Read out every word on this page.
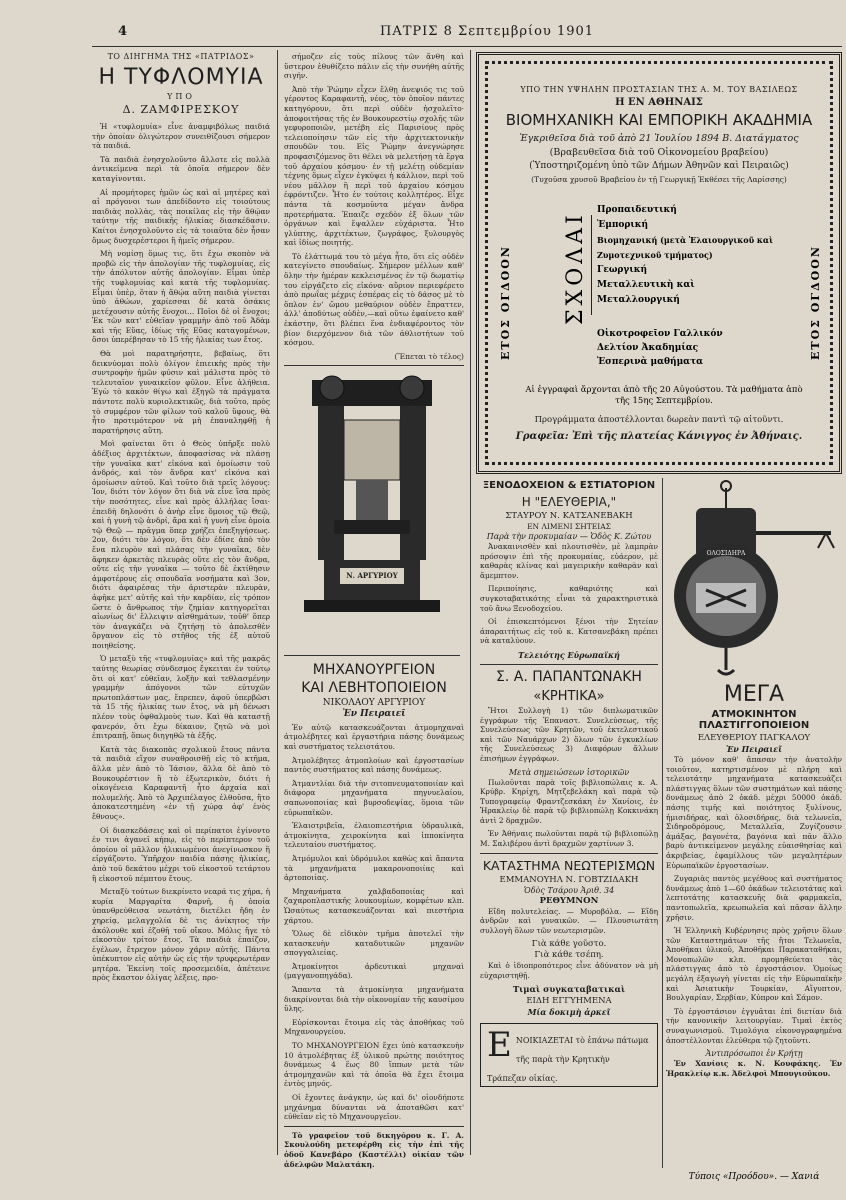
4	ΠΑΤΡΙΣ 8 Σεπτεμβρίου 1901
ΤΟ ΔΙΗΓΗΜΑ ΤΗΣ «ΠΑΤΡΙΔΟΣ»
Η ΤΥΦΛΟΜΥΙΑ
ΥΠΟ
Δ. ΖΑΜΦΙΡΕΣΚΟΥ

Ἡ «τυφλομυία» εἶνε ἀναμφιβόλως παιδιά τὴν ὁποίαν ὀλιγώτερον συνειθίζουσι σήμερον τὰ παιδιά.

Τὰ παιδιὰ ἐνησχολοῦντο ἄλλοτε εἰς πολλὰ ἀντικείμενα περὶ τὰ ὁποῖα σήμερον δὲν καταγίνονται.

Αἱ προμήτορες ἡμῶν ὡς καὶ αἱ μητέρες καὶ αἱ πρόγονοι των ἀπεδίδοντο εἰς τοιούτους παιδιὰς πολλὰς, τὰς ποικίλας εἰς τὴν ἄθῴαν ταύτην τῆς παιδικῆς ἡλικίας διασκέδασιν. Καίτοι ἐνησχολοῦντο εἰς τὰ τοιαῦτα δὲν ἦσαν ὅμως δυσχερέστεροι ἢ ἡμεῖς σήμερον.

Μὴ νομίσῃ ὅμως τις, ὅτι ἔχω σκοπὸν νὰ προβῶ εἰς τὴν ἀπολογίαν τῆς τυφλομυίας, εἰς τὴν ἀπόλυτον αὐτῆς ἀπολογίαν. Εἶμαι ὑπὲρ τῆς τυφλομυίας καὶ κατὰ τῆς τυφλομυίας. Εἶμαι ὑπὲρ, ὅταν ἡ ἄθῴα αὕτη παιδιὰ γίνεται ὑπὸ ἀθώων, χαρίεσσαι δὲ κατὰ ὁσάκις μετέχουσιν αὐτῆς ἔνοχοι... Ποῖοι δὲ οἱ ἔνοχοι; Ἐκ τῶν κατ' εὐθεῖαν γραμμὴν ἀπὸ τοῦ Ἀδὰμ καὶ τῆς Εὔας, ἰδίως τῆς Εὔας καταγομένων, ὅσοι ὑπερέβησαν τὸ 15 τῆς ἡλικίας των ἔτος.

Θὰ μοὶ παρατηρήσητε, βεβαίως, ὅτι δεικνύομαι πολὺ ὀλίγον ἐπιεικὴς πρὸς τὴν συντροφὴν ἡμῶν φύσιν καὶ μάλιστα πρὸς τὸ τελευταῖον γυναικεῖον φῦλον. Εἶνε ἀλήθεια. Ἐγὼ τὸ κακὸν θίγω καὶ ἐξηγῶ τὰ πράγματα πάντοτε πολὺ κυριολεκτικῶς, διὰ τοῦτο, πρὸς τὸ συμφέρον τῶν φίλων τοῦ καλοῦ ὕφους, θὰ ἦτο προτιμότερον νὰ μὴ ἐπαναληφθῇ ἡ παρατήρησις αὕτη.

Μοὶ φαίνεται ὅτι ὁ Θεὸς ὑπῆρξε πολὺ ἀδέξιος ἀρχιτέκτων, ἀποφασίσας νὰ πλάσῃ τὴν γυναῖκα κατ' εἰκόνα καὶ ὁμοίωσιν τοῦ ἀνδρός, καὶ τὸν ἄνδρα κατ' εἰκόνα καὶ ὁμοίωσιν αὐτοῦ. Καὶ τοῦτο διὰ τρεῖς λόγους: Ἰον, διότι τὸν λόγον ὅτι διὰ νὰ εἶνε ἴσα πρὸς τὴν ποσότητες, εἶνε καὶ πρὸς ἀλλήλας ἴσαι· ἐπειδὴ δηλονότι ὁ ἀνὴρ εἶνε ὅμοιος τῷ Θεῷ, καὶ ἡ γυνὴ τῷ ἀνδρί, ἄρα καὶ ἡ γυνὴ εἶνε ὁμοία τῷ Θεῷ — πρᾶγμα ὅπερ χρήζει ἑπεξηγήσεως. 2ον, διότι τὸν λόγον, ὅτι δὲν ἐδίσε ἀπὸ τὸν ἕνα πλευρὸν καὶ πλάσας τὴν γυναῖκα, δὲν ἄφηκεν ἀρκετὰς πλευρὰς οὔτε εἰς τὸν ἄνδρα, οὔτε εἰς τὴν γυναῖκα — τοῦτο δὲ ἐκτίθησιν ἀμφοτέρους εἰς σπουδαῖα νοσήματα καὶ 3ον, διότι ἀφαιρέσας τὴν ἀριστερὰν πλευρὰν, ἀφῆκε μετ' αὐτῆς καὶ τὴν καρδίαν, εἰς τρόπον ὥστε ὁ ἄνθρωπος τὴν ζημίαν κατηγορεῖται αἰωνίως δι' ἔλλειψιν αἰσθημάτων, τοῦθ' ὅπερ τὸν ἀναγκάζει νὰ ζητήσῃ τὸ ἀπολεσθὲν ὄργανον εἰς τὸ στῆθος τῆς ἐξ αὐτοῦ ποιηθείσης.

Ὁ μεταξὺ τῆς «τυφλομυίας» καὶ τῆς μακρᾶς ταύτης θεωρίας σύνδεσμος ἔγκειται ἐν τούτῳ ὅτι οἱ κατ' εὐθεῖαν, λοξὴν καὶ τεθλασμένην γραμμὴν ἀπόγονοι τῶν εὐτυχῶν πρωτοπλάστων μας, ἔπρεπεν, ἀφοῦ ὑπερβῶσι τὰ 15 τῆς ἡλικίας των ἔτος, νὰ μὴ δένωσι πλέον τοὺς ὀφθαλμοὺς των. Καὶ θὰ καταστῇ φανερόν, ὅτι ἔχω δίκαιον, ζητῶ νὰ μοὶ ἐπιτραπῇ, ὅπως διηγηθῶ τὰ ἑξῆς.

Κατὰ τὰς διακοπὰς σχολικοῦ ἔτους πάντα τὰ παιδιὰ εἴχον συναθροισθῇ εἰς τὸ κτῆμα, ἄλλα μὲν ἀπὸ τὸ Ἰάσιον, ἄλλα δὲ ἀπὸ τὸ Βουκουρέστιον ἢ τὸ ἐξωτερικὸν, διότι ἡ οἰκογένεια Καραφαντῆ ἦτο ἀρχαία καὶ πολυμελής. Ἀπὸ τὸ Ἀρχιπέλαγος ἐλθοῦσα, ἤτο ἀποκατεστημένη «ἐν τῇ χώρᾳ ἀφ' ἑνὸς ἔθνους».

Οἱ διασκεδάσεις καὶ οἱ περίπατοι ἐγίνοντο ἐν τινι ἀγανεῖ κήπῳ, εἰς τὸ περίπτερον τοῦ ὁποίου οἱ μᾶλλον ἡλικιωμένοι ἀνεγίνωσκον ἢ εἰργάζοντο. Ὑπῆρχον παιδία πάσης ἡλικίας, ἀπὸ τοῦ δεκάτου μέχρι τοῦ εἰκοστοῦ τετάρτου ἢ εἰκοστοῦ πέμπτου ἔτους.

Μεταξὺ τούτων διεκρίνετο νεαρά τις χήρα, ἡ κυρία Μαργαρίτα Φαρνῆ, ἡ ὁποία ὑπανθρεύθεισα νεωτάτη, διετέλει ἤδη ἐν χηρείᾳ, μελαγχολία δὲ τις ἀνίκητος τὴν ἀκόλουθε καὶ ἐζοθῆ τοῦ οἴκου. Μόλις ἤγε τὸ εἰκοστὸν τρίτον ἔτος. Τὰ παιδιὰ ἐπαίζον, ἐγέλων, ἔτρεχον μόνον χάριν αὐτῆς. Πάντα ὑπέκυπτον εἰς αὐτὴν ὡς εἰς τὴν τρυφερωτέραν μητέρα. Ἐκείνη τοῖς προσεμειδία, ἀπέτεινε πρὸς ἕκαστον ὀλίγας λέξεις, προ-

σήμοζεν εἰς τοὺς πίλους τῶν ἄνθη καὶ ὕστερον ἐθυθίζετο πάλιν εἰς τὴν συνήθη αὐτῆς σιγήν.

Ἀπὸ τὴν Ῥώμην εἶχεν ἔλθῃ ἀνεψιός τις τοῦ γέροντος Καραφαντῆ, νέος, τὸν ὁποῖον πάντες κατηγόρουν, ὅτι περὶ οὐδὲν ἠσχολεῖτο· ἀποφοιτήσας τῆς ἐν Βουκουρεστίῳ σχολῆς τῶν γεφυροποιῶν, μετέβη εἰς Παρισίους πρὸς τελειοποίησιν τῶν εἰς τὴν ἀρχιτεκτονικὴν σπουδῶν του. Εἰς Ῥώμην ἀνεγνώρησε προφασιζόμενος ὅτι θέλει νὰ μελετήσῃ τὰ ἔργα τοῦ ἀρχαίου κόσμου· ἐν τῇ μελέτῃ οὐδεμίαν τέχνης ὅμως εἶχεν ἐγκύψει ἡ κάλλιον, περὶ τοῦ νέου μᾶλλον ἢ περὶ τοῦ ἀρχαίου κόσμου ἐφρόντιζεν. Ἦτο ἐν τούτοις κολλητέρος. Εἶχε πάντα τὰ κοσμοῦντα μέγαν ἄνδρα προτερήματα. Ἐπαιζε σχεδὸν ἐξ ὅλων τῶν ὀργάνων καὶ ἔψαλλεν εὐχάριστα. Ἦτο γλύπτης, ἀρχιτέκτων, ζωγράφος, ξυλουργὸς καὶ ἰδίως ποιητής.

Τὸ ἐλάττωμά του τὸ μέγα ἦτο, ὅτι εἰς οὐδὲν κατεγίνετο σπουδαίως. Σήμερον μέλλων καθ' ὅλην τὴν ἡμέραν κεκλεισμένος ἐν τῷ δωματίῳ του εἰργάζετο εἰς εἰκόνα· αὔριον περιεφέρετο ἀπὸ πρωΐας μέχρις ἑσπέρας εἰς τὸ δάσος μὲ τὸ ὅπλον ἐν' ὤμου μεθαύριον οὐδὲν ἔπραττεν, ἀλλ' ἀποδύτως οὐδὲν,—καὶ οὕτω ἐφαίνετο καθ' ἑκάστην, ὅτι βλέπει ἕνα ἐνδιαφέροντος τὸν βίον διερχόμενον διὰ τῶν ἀθλιοτήτων τοῦ κόσμου.

(Ἕπεται τὸ τέλος)
Ν. ΑΡΓΥΡΙΟΥ
ΜΗΧΑΝΟΥΡΓΕΙΟΝ
ΚΑΙ ΛΕΒΗΤΟΠΟΙΕΙΟΝ
ΝΙΚΟΛΑΟΥ ΑΡΓΥΡΙΟΥ
Ἐν Πειραιεῖ

Ἐν αὐτῷ κατασκευάζονται ἀτμομηχαναὶ ἀτμολέβητες καὶ ἐργαστήρια πάσης δυνάμεως καὶ συστήματος τελειοτάτου.

Ἀτμολέβητες ἀτμοπλοίων καὶ ἐργοστασίων παντὸς συστήματος καὶ πάσης δυνάμεως.

Ἀτμαντλίαι διὰ τὴν σιτοπνευματοποιίαν καὶ διάφορα μηχανήματα πηγνυελαίου, σαπωνοποιίας καὶ βυρσοδεψίας, ὅμοια τῶν εὐρωπαϊκῶν.

Ἐλαιοτριβεῖα, ἐλαιοπιεστήρια ὑδραυλικὰ, ἀτμοκίνητα, χειροκίνητα καὶ ἱπποκίνητα τελευταίου συστήματος.

Ἀτμόμυλοι καὶ ὑδρόμυλοι καθὼς καὶ ἅπαντα τὰ μηχανήματα μακαρονοποιίας καὶ ἀρτοποιίας.

Μηχανήματα χαλβαδοποιίας καὶ ζαχαροπλαστικῆς λουκουμίων, κομφέτων κλπ. Ὡσαύτως κατασκευάζονται καὶ πιεστήρια χάρτου.

Ὅλως δὲ εἰδικὸν τμῆμα ἀποτελεῖ τὴν κατασκευὴν καταδυτικῶν μηχανῶν σπογγαλιείας.

Ἀτμοκίνητοι ἀρδευτικαὶ μηχαναὶ (μαγγανοπηγάδα).

Ἅπαντα τὰ ἀτμοκίνητα μηχανήματα διακρίνονται διὰ τὴν οἰκονομίαν τῆς καυσίμου ὕλης.

Εὑρίσκονται ἕτοιμα εἰς τὰς ἀποθήκας τοῦ Μηχανουργείου.

ΤΟ ΜΗΧΑΝΟΥΡΓΕΙΟΝ ἔχει ὑπὸ κατασκευὴν 10 ἀτμολέβητας ἐξ ὑλικοῦ πρώτης ποιότητος δυνάμεως 4 ἕως 80 ἵππων μετὰ τῶν ἀτμομηχανῶν καὶ τὰ ὁποῖα θὰ ἔχει ἕτοιμα ἐντὸς μηνός.

Οἱ ἔχοντες ἀνάγκην, ὡς καὶ δι' οἱονδήποτε μηχάνημα δύνανται νὰ ἀποταθῶσι κατ' εὐθεῖαν εἰς τὸ Μηχανουργεῖον.

Τὸ γραφεῖον τοῦ δικηγόρου κ. Γ. Α. Σκουλούδη μετεφέρθη εἰς τὴν ἐπὶ τῆς ὁδοῦ Κανεβάρο (Καστέλλι) οἰκίαν τῶν ἀδελφῶν Μαλατάκη.

ΥΠΟ ΤΗΝ ΥΨΗΛΗΝ ΠΡΟΣΤΑΣΙΑΝ ΤΗΣ Α. Μ. ΤΟΥ ΒΑΣΙΛΕΩΣ
Η ΕΝ ΑΘΗΝΑΙΣ
ΒΙΟΜΗΧΑΝΙΚΗ ΚΑΙ ΕΜΠΟΡΙΚΗ ΑΚΑΔΗΜΙΑ
Ἐγκριθεῖσα διὰ τοῦ ἀπὸ 21 Ἰουλίου 1894 Β. Διατάγματος
(Βραβευθεῖσα διὰ τοῦ Οἰκονομείου βραβείου)
(Ὑποστηριζομένη ὑπὸ τῶν Δήμων Ἀθηνῶν καὶ Πειραιῶς)
(Τυχοῦσα χρυσοῦ Βραβείου ἐν τῇ Γεωργικῇ Ἐκθέσει τῆς Λαρίσσης)
ΕΤΟΣ ΟΓΔΟΟΝ	ΕΤΟΣ ΟΓΔΟΟΝ
ΣΧΟΛΑΙ
Προπαιδευτική
Ἐμπορική
Βιομηχανική (μετὰ Ἐλαιουργικοῦ καὶ Ζυμοτεχνικοῦ τμήματος)
Γεωργική
Μεταλλευτικὴ καὶ
Μεταλλουργική
Οἰκοτροφεῖον Γαλλικόν
Δελτίον Ἀκαδημίας
Ἑσπερινὰ μαθήματα
Αἱ ἐγγραφαὶ ἄρχονται ἀπὸ τῆς 20 Αὐγούστου. Τὰ μαθήματα ἀπὸ τῆς 15ης Σεπτεμβρίου.
Προγράμματα ἀποστέλλονται δωρεὰν παντὶ τῷ αἰτοῦντι.
Γραφεῖα: Ἐπὶ τῆς πλατείας Κάνιγγος ἐν Ἀθήναις.
ΞΕΝΟΔΟΧΕΙΟΝ & ΕΣΤΙΑΤΟΡΙΟΝ
Η "ΕΛΕΥΘΕΡΙΑ,"
ΣΤΑΥΡΟΥ Ν. ΚΑΤΣΑΝΕΒΑΚΗ
ΕΝ ΛΙΜΕΝΙ ΣΗΤΕΙΑΣ
Παρὰ τὴν προκυμαίαν — Ὁδὸς Κ. Ζώτου

Ἀνακαινισθὲν καὶ πλουτισθὲν, μὲ λαμπρὰν πρόσοψιν ἐπὶ τῆς προκυμαίας, εὐάερον, μὲ καθαρὰς κλίνας καὶ μαγειρικὴν καθαρὰν καὶ ἄμεμπτον.

Περιποίησις, καθαριότης καὶ συγκοταβατικότης εἶναι τὰ χαρακτηριστικὰ τοῦ ἄνω Ξενοδοχείου.

Οἱ ἐπισκεπτόμενοι ξένοι τὴν Σητείαν ἀπαραιτήτως εἰς τοῦ κ. Κατσανεβάκη πρέπει νὰ καταλύουν.

Τελειότης Εὐρωπαϊκή
Σ. Α. ΠΑΠΑΝΤΩΝΑΚΗ
«ΚΡΗΤΙΚΑ»

Ἤτοι Συλλογὴ 1) τῶν διπλωματικῶν ἐγγράφων τῆς Ἐπαναστ. Συνελεύσεως, τῆς Συνελεύσεως τῶν Κρητῶν, τοῦ ἐκτελεστικοῦ καὶ τῶν Ναυάρχων 2) ὅλων τῶν ἐγκυκλίων τῆς Συνελεύσεως 3) Διαφόρων ἄλλων ἐπισήμων ἐγγράφων.

Μετὰ σημειώσεων ἱστορικῶν

Πωλοῦνται παρὰ τοῖς βιβλιοπώλαις κ. Α. Κρύβρ. Κηρίχη, Μητζεβελάκη καὶ παρὰ τῷ Τυπογραφείῳ Φραντζεσκάκη ἐν Χανίοις, ἐν Ἡρακλείῳ δὲ παρὰ τῷ βιβλιοπώλῃ Κοκκινάκη ἀντὶ 2 δραχμῶν.

Ἐν Ἀθήναις πωλοῦνται παρὰ τῷ βιβλιοπώλῃ Μ. Σαλιβέρου ἀντὶ δραχμῶν χαρτίνων 3.

ΚΑΤΑΣΤΗΜΑ ΝΕΩΤΕΡΙΣΜΩΝ
ΕΜΜΑΝΟΥΗΛ Ν. ΓΟΒΤΖΙΔΑΚΗ
Ὁδὸς Τσάρου Ἀριθ. 34
ΡΕΘΥΜΝΟΝ

Εἴδη πολυτελείας. — Μυροβόλα. — Εἴδη ἀνδρῶν καὶ γυναικῶν. — Πλουσιωτάτη συλλογὴ ὅλων τῶν νεωτερισμῶν.

Γιὰ κάθε γοῦστο.
Γιὰ κάθε τσέπη.

Καὶ ὁ ἰδιοπροπότερος εἶνε ἀδύνατον νὰ μὴ εὐχαριστηθῇ.

Τιμαὶ συγκαταβατικαὶ
ΕΙΔΗ ΕΓΓΥΗΜΕΝΑ
Μία δοκιμὴ ἀρκεῖ
Ε ΝΟΙΚΙΑΖΕΤΑΙ τὸ ἐπάνω πάτωμα τῆς παρὰ τὴν Κρητικὴν Τράπεζαν οἰκίας.
ΟΛΟΣΙΔΗΡΑ
ΜΕΓΑ
ΑΤΜΟΚΙΝΗΤΟΝ ΠΛΑΣΤΙΓΓΟΠΟΙΕΙΟΝ
ΕΛΕΥΘΕΡΙΟΥ ΠΑΓΚΑΛΟΥ
Ἐν Πειραιεῖ

Τὸ μόνον καθ' ἅπασαν τὴν ἀνατολὴν τοιοῦτον, κατηρτισμένον μὲ πλήρη καὶ τελειοτάτην μηχανήματα κατασκευάζει πλάστιγγας ὅλων τῶν συστημάτων καὶ πάσης δυνάμεως ἀπὸ 2 ὀκάδ. μέχρι 50000 ὀκάδ. πάσης τιμῆς καὶ ποιότητος ξυλίνους, ἠμισιδήρας, καὶ ὁλοσιδήρας, διὰ τελωνεῖα, Σιδηροδρόμους, Μεταλλεῖα, Ζυγίζουσιν ἀμάξας, βαγονέτα, βαγόνια καὶ πᾶν ἄλλο βαρὺ ἀντικείμενον μεγάλης εὐαισθησίας καὶ ἀκριβείας, ἐφαμίλλους τῶν μεγαλητέρων Εὐρωπαϊκῶν ἐργοστασίων.

Ζυγαριὰς παντὸς μεγέθους καὶ συστήματος δυνάμεως ἀπὸ 1—60 ὀκάδων τελειοτάτας καὶ λεπτοτάτης κατασκευῆς διὰ φαρμακεῖα, παντοπωλεῖα, κρεωπωλεῖα καὶ πᾶσαν ἄλλην χρῆσιν.

Ἡ Ἑλληνικὴ Κυβέρνησις πρὸς χρῆσιν ὅλων τῶν Καταστημάτων τῆς ἤτοι Τελωνεῖα, Ἀποθῆκαι ὑλικοῦ, Ἀποθῆκαι Παρακαταθήκαι, Μονοπωλῶν κλπ. προμηθεύεται τὰς πλάστιγγας ἀπὸ τὸ ἐργοστάσιον. Ὁμοίως μεγάλη ἐξαγωγὴ γίνεται εἰς τὴν Εὐρωπαϊκὴν καὶ Ἀσιατικὴν Τουρκίαν, Αἴγυπτον, Βουλγαρίαν, Σερβίαν, Κύπρον καὶ Σάμον.

Τὸ ἐργοστάσιον ἐγγυᾶται ἐπὶ διετίαν διὰ τὴν κανονικὴν λειτουργίαν. Τιμαὶ ἐκτὸς συναγωνισμοῦ. Τιμολόγια εἰκονογραφημένα ἀποστέλλονται ἐλεύθερα τῷ ζητοῦντι.

Ἀντιπρόσωποι ἐν Κρήτῃ

Ἐν Χανίοις κ. Ν. Κουφάκης. Ἐν Ἡρακλείῳ κ.κ. Ἀδελφοὶ Μπουγιοῦκου.

Τύποις «Προόδου». — Χανιά
